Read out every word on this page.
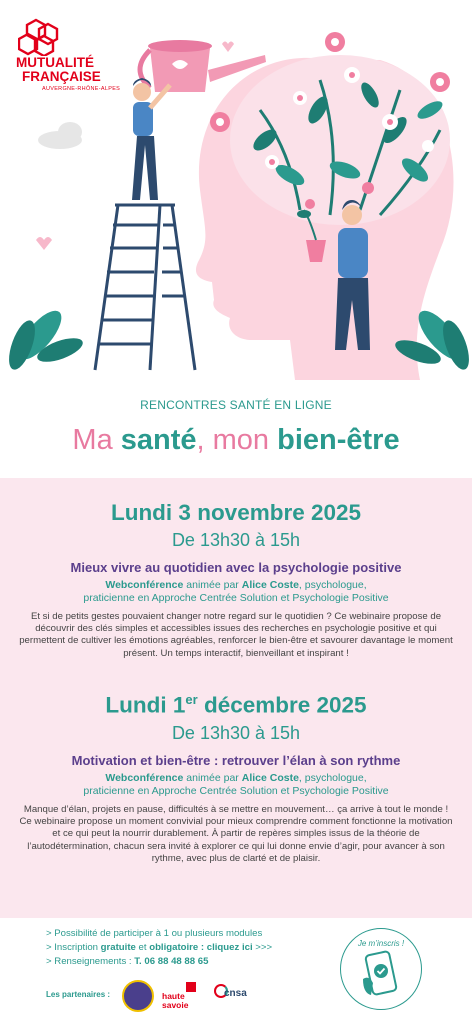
MUTUALITÉ
FRANÇAISE
AUVERGNE-RHÔNE-ALPES
RENCONTRES SANTÉ EN LIGNE
Ma santé, mon bien-être
Lundi 3 novembre 2025
De 13h30 à 15h
Mieux vivre au quotidien avec la psychologie positive
Webconférence animée par Alice Coste, psychologue,
praticienne en Approche Centrée Solution et Psychologie Positive
Et si de petits gestes pouvaient changer notre regard sur le quotidien ? Ce webinaire propose de découvrir des clés simples et accessibles issues des recherches en psychologie positive et qui permettent de cultiver les émotions agréables, renforcer le bien-être et savourer davantage le moment présent. Un temps interactif, bienveillant et inspirant !
Lundi 1er décembre 2025
De 13h30 à 15h
Motivation et bien-être : retrouver l’élan à son rythme
Webconférence animée par Alice Coste, psychologue,
praticienne en Approche Centrée Solution et Psychologie Positive
Manque d’élan, projets en pause, difficultés à se mettre en mouvement… ça arrive à tout le monde ! Ce webinaire propose un moment convivial pour mieux comprendre comment fonctionne la motivation et ce qui peut la nourrir durablement. À partir de repères simples issus de la théorie de l’autodétermination, chacun sera invité à explorer ce qui lui donne envie d’agir, pour avancer à son rythme, avec plus de clarté et de plaisir.
> Possibilité de participer à 1 ou plusieurs modules
> Inscription gratuite et obligatoire : cliquez ici >>>
> Renseignements : T. 06 88 48 88 65
Les partenaires :	haute
savoie
cnsa
Je m’inscris !
